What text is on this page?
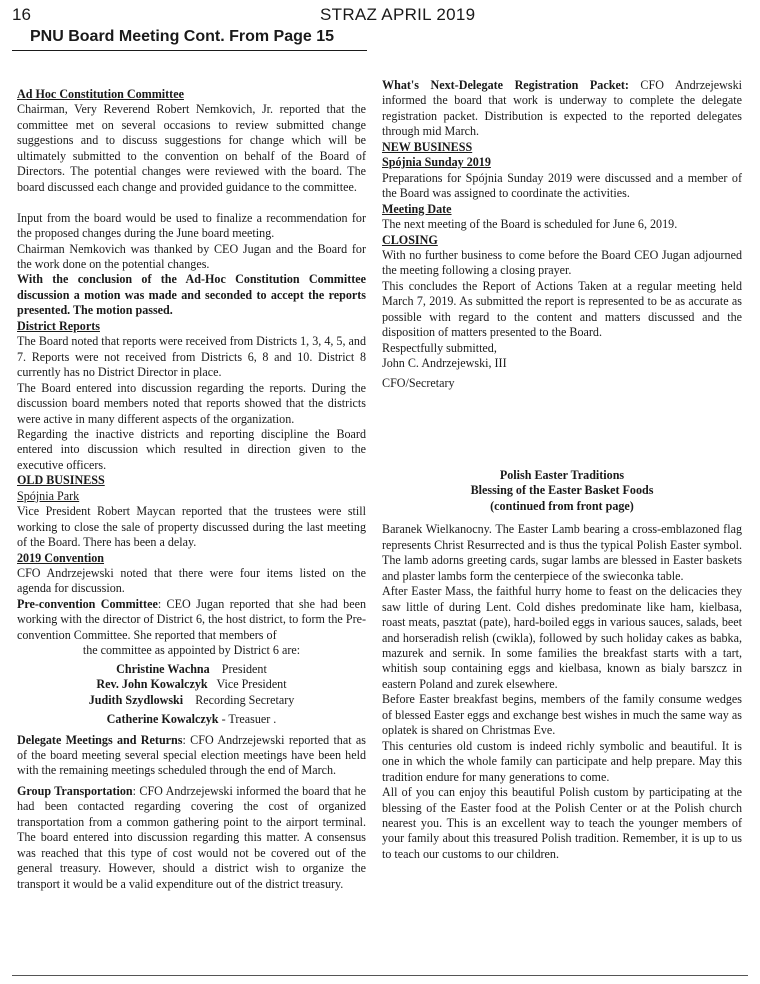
16	STRAZ APRIL 2019
PNU Board Meeting Cont. From Page 15

Ad Hoc Constitution Committee

Chairman, Very Reverend Robert Nemkovich, Jr. reported that the committee met on several occasions to review submitted change suggestions and to discuss suggestions for change which will be ultimately submitted to the convention on behalf of the Board of Directors. The potential changes were reviewed with the board. The board discussed each change and provided guidance to the committee.

Input from the board would be used to finalize a recommendation for the proposed changes during the June board meeting.

Chairman Nemkovich was thanked by CEO Jugan and the Board for the work done on the potential changes.

With the conclusion of the Ad-Hoc Constitution Committee discussion a motion was made and seconded to accept the reports presented. The motion passed.

District Reports

The Board noted that reports were received from Districts 1, 3, 4, 5, and 7. Reports were not received from Districts 6, 8 and 10. District 8 currently has no District Director in place.

The Board entered into discussion regarding the reports. During the discussion board members noted that reports showed that the districts were active in many different aspects of the organization.

Regarding the inactive districts and reporting discipline the Board entered into discussion which resulted in direction given to the executive officers.

OLD BUSINESS

Spójnia Park

Vice President Robert Maycan reported that the trustees were still working to close the sale of property discussed during the last meeting of the Board. There has been a delay.

2019 Convention

CFO Andrzejewski noted that there were four items listed on the agenda for discussion.

Pre-convention Committee: CEO Jugan reported that she had been working with the director of District 6, the host district, to form the Pre-convention Committee. She reported that members of

the committee as appointed by District 6 are:

Christine Wachna President

Rev. John Kowalczyk Vice President

Judith Szydlowski Recording Secretary

Catherine Kowalczyk - Treasuer .

Delegate Meetings and Returns: CFO Andrzejewski reported that as of the board meeting several special election meetings have been held with the remaining meetings scheduled through the end of March.

Group Transportation: CFO Andrzejewski informed the board that he had been contacted regarding covering the cost of organized transportation from a common gathering point to the airport terminal. The board entered into discussion regarding this matter. A consensus was reached that this type of cost would not be covered out of the general treasury. However, should a district wish to organize the transport it would be a valid expenditure out of the district treasury.

What's Next-Delegate Registration Packet: CFO Andrzejewski informed the board that work is underway to complete the delegate registration packet. Distribution is expected to the reported delegates through mid March.

NEW BUSINESS

Spójnia Sunday 2019

Preparations for Spójnia Sunday 2019 were discussed and a member of the Board was assigned to coordinate the activities.

Meeting Date

The next meeting of the Board is scheduled for June 6, 2019.

CLOSING

With no further business to come before the Board CEO Jugan adjourned the meeting following a closing prayer.

This concludes the Report of Actions Taken at a regular meeting held March 7, 2019. As submitted the report is represented to be as accurate as possible with regard to the content and matters discussed and the disposition of matters presented to the Board.

Respectfully submitted,

John C. Andrzejewski, III

CFO/Secretary

Polish Easter Traditions

Blessing of the Easter Basket Foods

(continued from front page)

Baranek Wielkanocny. The Easter Lamb bearing a cross-emblazoned flag represents Christ Resurrected and is thus the typical Polish Easter symbol. The lamb adorns greeting cards, sugar lambs are blessed in Easter baskets and plaster lambs form the centerpiece of the swieconka table.

After Easter Mass, the faithful hurry home to feast on the delicacies they saw little of during Lent. Cold dishes predominate like ham, kielbasa, roast meats, pasztat (pate), hard-boiled eggs in various sauces, salads, beet and horseradish relish (cwikla), followed by such holiday cakes as babka, mazurek and sernik. In some families the breakfast starts with a tart, whitish soup containing eggs and kielbasa, known as bialy barszcz in eastern Poland and zurek elsewhere.

Before Easter breakfast begins, members of the family consume wedges of blessed Easter eggs and exchange best wishes in much the same way as oplatek is shared on Christmas Eve.

This centuries old custom is indeed richly symbolic and beautiful. It is one in which the whole family can participate and help prepare. May this tradition endure for many generations to come.

All of you can enjoy this beautiful Polish custom by participating at the blessing of the Easter food at the Polish Center or at the Polish church nearest you. This is an excellent way to teach the younger members of your family about this treasured Polish tradition. Remember, it is up to us to teach our customs to our children.
